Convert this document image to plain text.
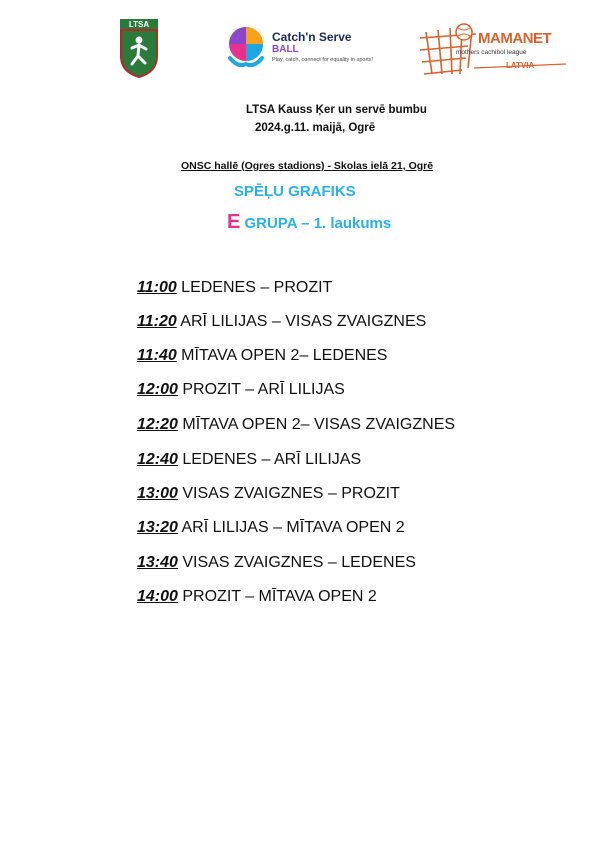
LTSA
Catch'n Serve
BALL
Play, catch, connect for equality in sports!
MAMANET
mothers cachibol league
LATVIA
LTSA Kauss Ķer un servē bumbu
2024.g.11. maijā, Ogrē
ONSC hallē (Ogres stadions) - Skolas ielā 21, Ogrē
SPĒĻU GRAFIKS
E GRUPA – 1. laukums
11:00 LEDENES – PROZIT
11:20 ARĪ LILIJAS – VISAS ZVAIGZNES
11:40 MĪTAVA OPEN 2– LEDENES
12:00 PROZIT – ARĪ LILIJAS
12:20 MĪTAVA OPEN 2– VISAS ZVAIGZNES
12:40 LEDENES – ARĪ LILIJAS
13:00 VISAS ZVAIGZNES – PROZIT
13:20 ARĪ LILIJAS – MĪTAVA OPEN 2
13:40 VISAS ZVAIGZNES – LEDENES
14:00 PROZIT – MĪTAVA OPEN 2
